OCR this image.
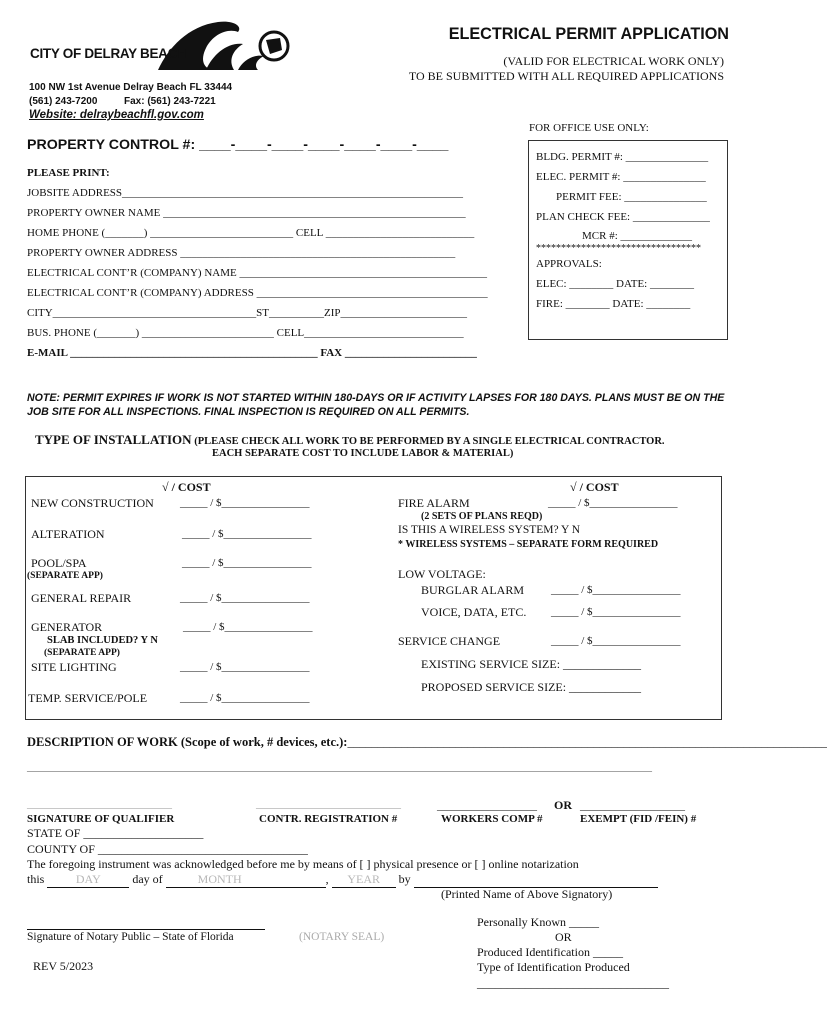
CITY OF DELRAY BEACH
100 NW 1st Avenue Delray Beach FL 33444
(561) 243-7200	Fax: (561) 243-7221
Website: delraybeachfl.gov.com
ELECTRICAL PERMIT APPLICATION
(VALID FOR ELECTRICAL WORK ONLY)
TO BE SUBMITTED WITH ALL REQUIRED APPLICATIONS
PROPERTY CONTROL #: ____-____-____-____-____-____-____
PLEASE PRINT:
JOBSITE ADDRESS______________________________________________________________
PROPERTY OWNER NAME _______________________________________________________
HOME PHONE (_______) __________________________ CELL ___________________________
PROPERTY OWNER ADDRESS __________________________________________________
ELECTRICAL CONT’R (COMPANY) NAME _____________________________________________
ELECTRICAL CONT’R (COMPANY) ADDRESS __________________________________________
CITY_____________________________________ST__________ZIP_______________________
BUS. PHONE (_______) ________________________ CELL_____________________________
E-MAIL _____________________________________________ FAX ________________________
FOR OFFICE USE ONLY:
BLDG. PERMIT #: _______________
ELEC. PERMIT #: _______________
PERMIT FEE: _______________
PLAN CHECK FEE: ______________
MCR #: _____________
*********************************
APPROVALS:
ELEC: ________ DATE: ________
FIRE: ________ DATE: ________
NOTE: PERMIT EXPIRES IF WORK IS NOT STARTED WITHIN 180-DAYS OR IF ACTIVITY LAPSES FOR 180 DAYS. PLANS MUST BE ON THE JOB SITE FOR ALL INSPECTIONS. FINAL INSPECTION IS REQUIRED ON ALL PERMITS.
TYPE OF INSTALLATION (PLEASE CHECK ALL WORK TO BE PERFORMED BY A SINGLE ELECTRICAL CONTRACTOR.
EACH SEPARATE COST TO INCLUDE LABOR & MATERIAL)
√ / COST	√ / COST
NEW CONSTRUCTION _____ / $________________
ALTERATION	_____ / $________________
POOL/SPA	_____ / $________________
(SEPARATE APP)
GENERAL REPAIR	_____ / $________________
GENERATOR	_____ / $________________
SLAB INCLUDED? Y N
(SEPARATE APP)
SITE LIGHTING	_____ / $________________
TEMP. SERVICE/POLE	_____ / $________________
FIRE ALARM	_____ / $________________
(2 SETS OF PLANS REQD)
IS THIS A WIRELESS SYSTEM? Y N
* WIRELESS SYSTEMS – SEPARATE FORM REQUIRED
LOW VOLTAGE:
BURGLAR ALARM _____ / $________________
VOICE, DATA, ETC. _____ / $________________
SERVICE CHANGE	_____ / $________________
EXISTING SERVICE SIZE: _____________
PROPOSED SERVICE SIZE: ____________
DESCRIPTION OF WORK (Scope of work, # devices, etc.):________________________________________________________________________________
_____________________________________________________________________________________________________________________________
_____________________________	_____________________________	____________________ OR _____________________
SIGNATURE OF QUALIFIER	CONTR. REGISTRATION #	WORKERS COMP #	EXEMPT (FID /FEIN) #
STATE OF ____________________
COUNTY OF ___________________________________
The foregoing instrument was acknowledged before me by means of [ ] physical presence or [ ] online notarization
this	DAY	day of	MONTH	, YEAR by
(Printed Name of Above Signatory)
Signature of Notary Public – State of Florida	(NOTARY SEAL)
Personally Known _____
OR
Produced Identification _____
Type of Identification Produced
________________________________
REV 5/2023
